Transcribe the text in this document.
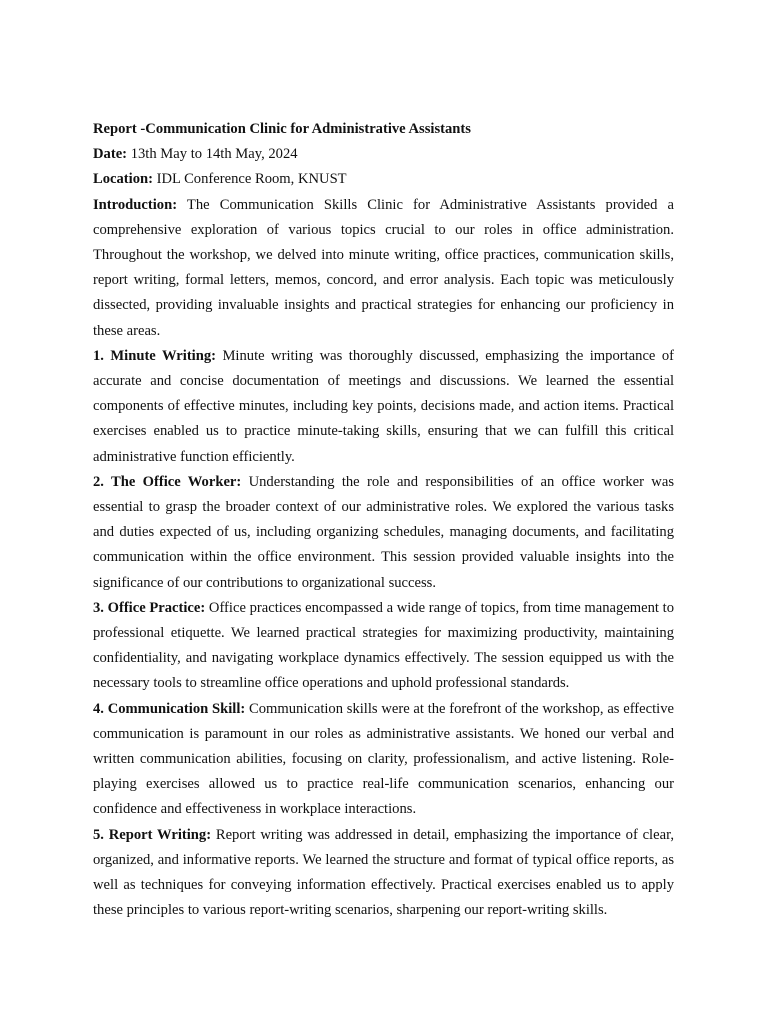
Report -Communication Clinic for Administrative Assistants

Date: 13th May to 14th May, 2024

Location: IDL Conference Room, KNUST

Introduction: The Communication Skills Clinic for Administrative Assistants provided a comprehensive exploration of various topics crucial to our roles in office administration. Throughout the workshop, we delved into minute writing, office practices, communication skills, report writing, formal letters, memos, concord, and error analysis. Each topic was meticulously dissected, providing invaluable insights and practical strategies for enhancing our proficiency in these areas.

1. Minute Writing: Minute writing was thoroughly discussed, emphasizing the importance of accurate and concise documentation of meetings and discussions. We learned the essential components of effective minutes, including key points, decisions made, and action items. Practical exercises enabled us to practice minute-taking skills, ensuring that we can fulfill this critical administrative function efficiently.

2. The Office Worker: Understanding the role and responsibilities of an office worker was essential to grasp the broader context of our administrative roles. We explored the various tasks and duties expected of us, including organizing schedules, managing documents, and facilitating communication within the office environment. This session provided valuable insights into the significance of our contributions to organizational success.

3. Office Practice: Office practices encompassed a wide range of topics, from time management to professional etiquette. We learned practical strategies for maximizing productivity, maintaining confidentiality, and navigating workplace dynamics effectively. The session equipped us with the necessary tools to streamline office operations and uphold professional standards.

4. Communication Skill: Communication skills were at the forefront of the workshop, as effective communication is paramount in our roles as administrative assistants. We honed our verbal and written communication abilities, focusing on clarity, professionalism, and active listening. Role-playing exercises allowed us to practice real-life communication scenarios, enhancing our confidence and effectiveness in workplace interactions.

5. Report Writing: Report writing was addressed in detail, emphasizing the importance of clear, organized, and informative reports. We learned the structure and format of typical office reports, as well as techniques for conveying information effectively. Practical exercises enabled us to apply these principles to various report-writing scenarios, sharpening our report-writing skills.
